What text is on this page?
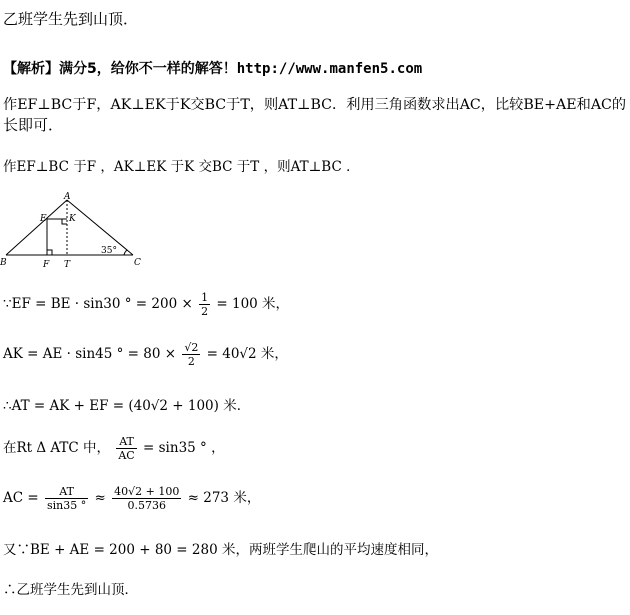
乙班学生先到山顶．
【解析】满分5，给你不一样的解答！http://www.manfen5.com
作EF⊥BC于F，AK⊥EK于K交BC于T，则AT⊥BC．利用三角函数求出AC，比较BE+AE和AC的
长即可．
作EF⊥BC 于F ，AK⊥EK 于K 交BC 于T ，则AT⊥BC ．
A
B	C
E K
F T
35°
∵EF = BE · sin30 ° = $200 \times \frac{1}{2} = 100$ 米，
AK = AE · sin45 ° = $80 \times \frac{√2}{2} = 40√2$ 米，
∴AT = AK + EF = (40√2 + 100) 米．
在Rt Δ ATC 中， $\frac{AT}{AC} = \sin 35$ ° ，
AC = $\frac{AT}{\sin 35 ^\circ} \approx \frac{40√2 + 100}{0.5736} \approx 273$ 米，
又∵BE + AE = 200 + 80 = 280 米，两班学生爬山的平均速度相同，
∴乙班学生先到山顶．
